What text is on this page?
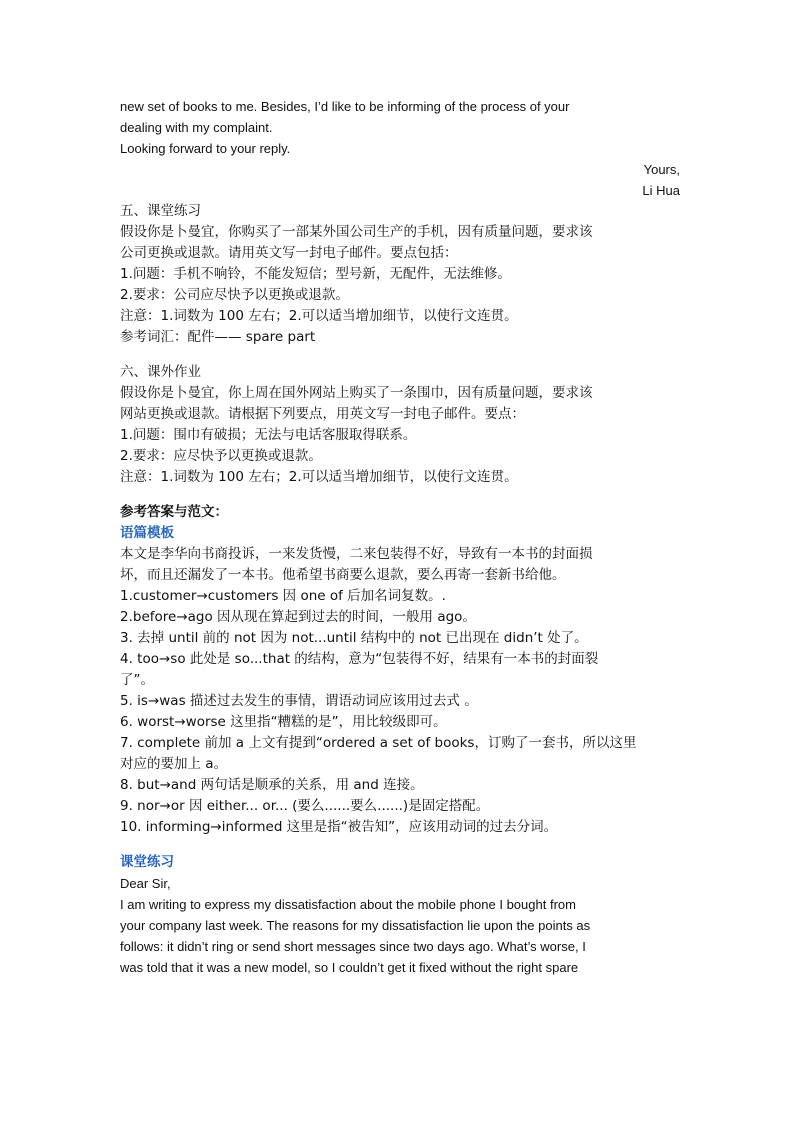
new set of books to me. Besides, I’d like to be informing of the process of your
dealing with my complaint.
Looking forward to your reply.
Yours,
Li Hua
五、课堂练习
假设你是卜曼宜，你购买了一部某外国公司生产的手机，因有质量问题，要求该
公司更换或退款。请用英文写一封电子邮件。要点包括：
1.问题：手机不响铃，不能发短信；型号新，无配件，无法维修。
2.要求：公司应尽快予以更换或退款。
注意：1.词数为 100 左右；2.可以适当增加细节，以使行文连贯。
参考词汇：配件—— spare part
六、课外作业
假设你是卜曼宜，你上周在国外网站上购买了一条围巾，因有质量问题，要求该
网站更换或退款。请根据下列要点，用英文写一封电子邮件。要点：
1.问题：围巾有破损；无法与电话客服取得联系。
2.要求：应尽快予以更换或退款。
注意：1.词数为 100 左右；2.可以适当增加细节，以使行文连贯。
参考答案与范文：
语篇模板
本文是李华向书商投诉，一来发货慢，二来包装得不好，导致有一本书的封面损
坏，而且还漏发了一本书。他希望书商要么退款，要么再寄一套新书给他。
1.customer→customers 因 one of 后加名词复数。.
2.before→ago 因从现在算起到过去的时间，一般用 ago。
3. 去掉 until 前的 not 因为 not...until 结构中的 not 已出现在 didn’t 处了。
4. too→so 此处是 so...that 的结构，意为“包装得不好，结果有一本书的封面裂
了”。
5. is→was 描述过去发生的事情，谓语动词应该用过去式 。
6. worst→worse 这里指“糟糕的是”，用比较级即可。
7. complete 前加 a 上文有提到“ordered a set of books，订购了一套书，所以这里
对应的要加上 a。
8. but→and 两句话是顺承的关系，用 and 连接。
9. nor→or 因 either... or... (要么......要么......)是固定搭配。
10. informing→informed 这里是指“被告知”，应该用动词的过去分词。
课堂练习
Dear Sir,
I am writing to express my dissatisfaction about the mobile phone I bought from
your company last week. The reasons for my dissatisfaction lie upon the points as
follows: it didn’t ring or send short messages since two days ago. What’s worse, I
was told that it was a new model, so I couldn’t get it fixed without the right spare
